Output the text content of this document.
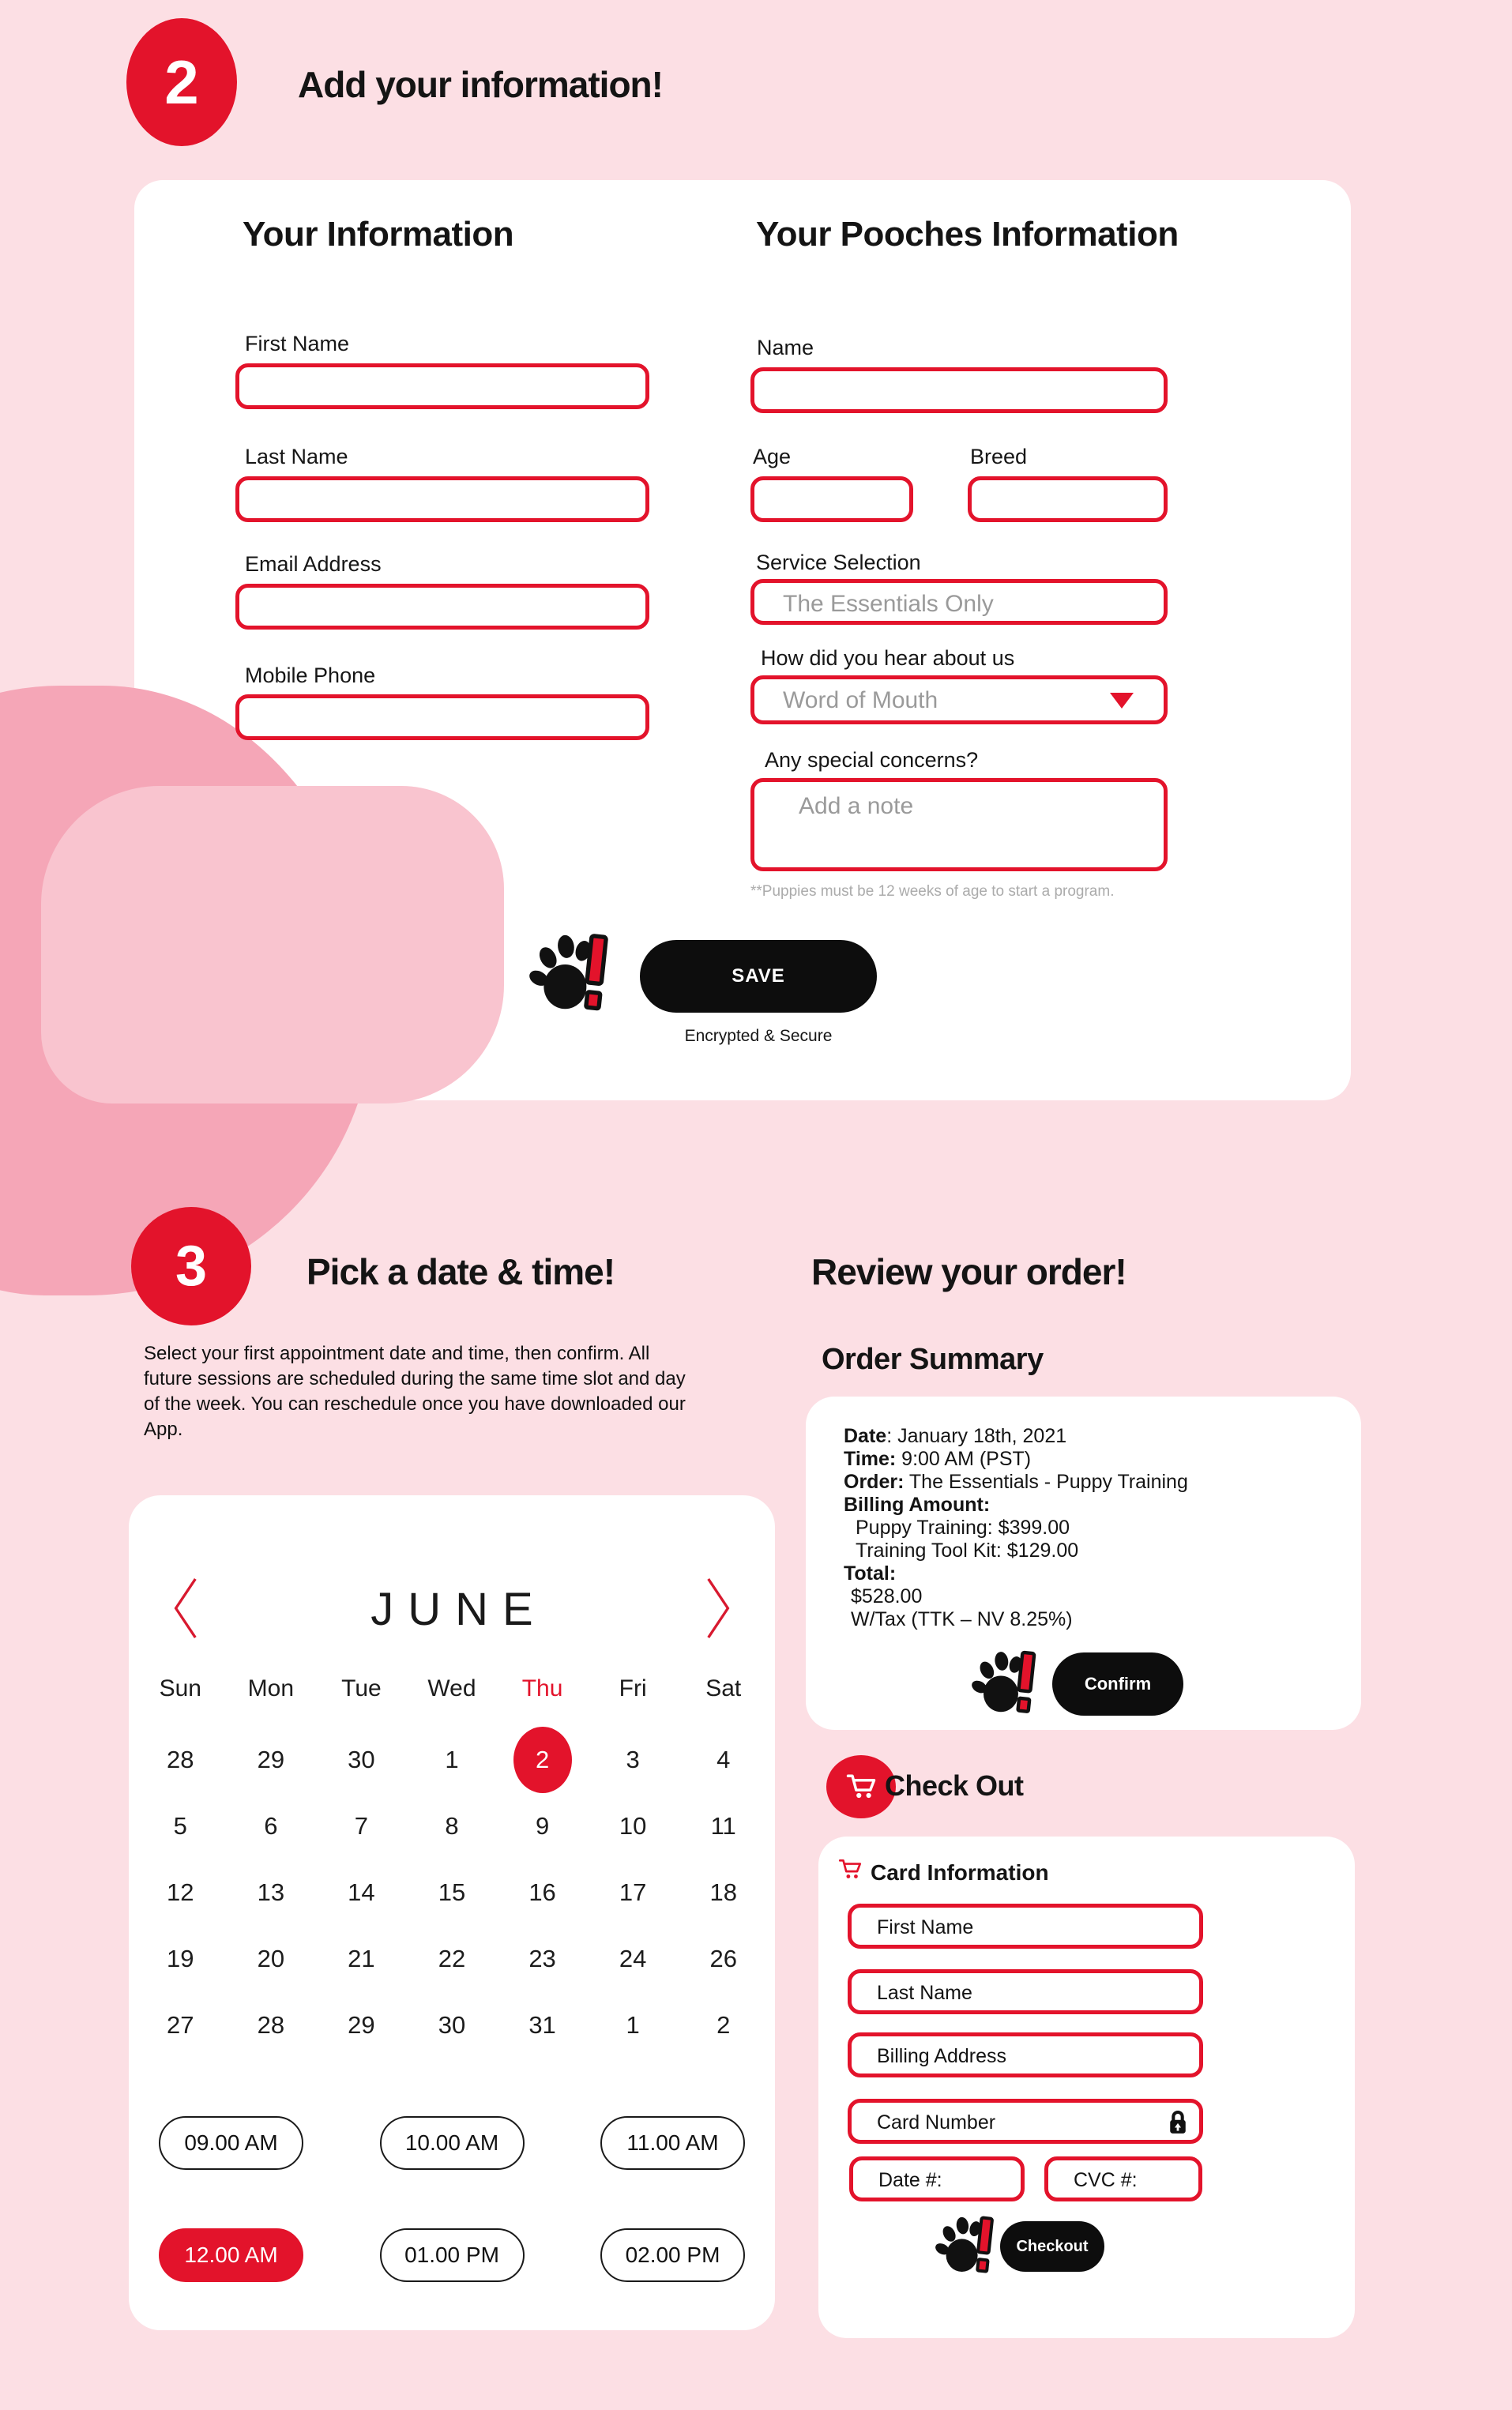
2	Add your information!
Your Information
First Name
Last Name
Email Address
Mobile Phone
Your Pooches Information
Name
Age	Breed
Service Selection
The Essentials Only
How did you hear about us
Word of Mouth
Any special concerns?
Add a note
**Puppies must be 12 weeks of age to start a program.
SAVE
Encrypted & Secure
3	Pick a date & time!
Select your first appointment date and time, then confirm. All future sessions are scheduled during the same time slot and day of the week. You can reschedule once you have downloaded our App.
JUNE
Sun Mon Tue Wed Thu Fri Sat
28	29	30	1	2	3	4
5	6	7	8	9	10	11
12	13	14	15	16	17	18
19	20	21	22	23	24	26
27	28	29	30	31	1	2
09.00 AM	10.00 AM	11.00 AM
12.00 AM	01.00 PM	02.00 PM
Review your order!
Order Summary
Date: January 18th, 2021
Time: 9:00 AM (PST)
Order: The Essentials - Puppy Training
Billing Amount:
Puppy Training: $399.00
Training Tool Kit: $129.00
Total:
$528.00
W/Tax (TTK – NV 8.25%)
Confirm
Check Out
Card Information
First Name
Last Name
Billing Address
Card Number
Date #:	CVC #:
Checkout
